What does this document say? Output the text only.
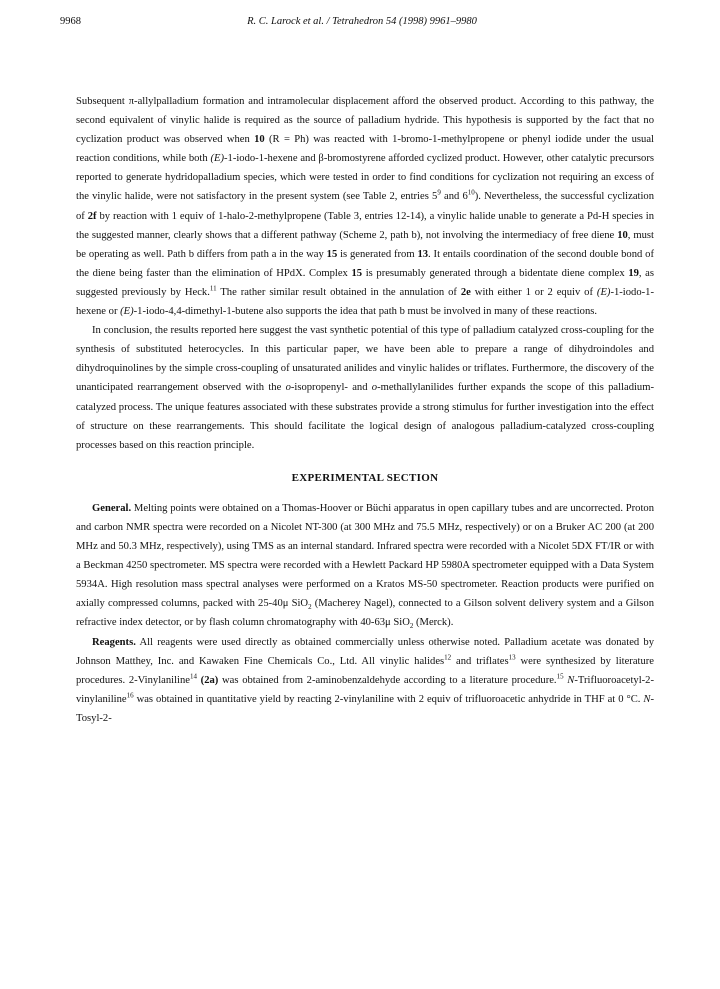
9968	R. C. Larock et al. / Tetrahedron 54 (1998) 9961–9980

Subsequent π-allylpalladium formation and intramolecular displacement afford the observed product. According to this pathway, the second equivalent of vinylic halide is required as the source of palladium hydride. This hypothesis is supported by the fact that no cyclization product was observed when 10 (R = Ph) was reacted with 1-bromo-1-methylpropene or phenyl iodide under the usual reaction conditions, while both (E)-1-iodo-1-hexene and β-bromostyrene afforded cyclized product. However, other catalytic precursors reported to generate hydridopalladium species, which were tested in order to find conditions for cyclization not requiring an excess of the vinylic halide, were not satisfactory in the present system (see Table 2, entries $5^9$ and $6^{10}$). Nevertheless, the successful cyclization of 2f by reaction with 1 equiv of 1-halo-2-methylpropene (Table 3, entries 12-14), a vinylic halide unable to generate a Pd-H species in the suggested manner, clearly shows that a different pathway (Scheme 2, path b), not involving the intermediacy of free diene 10, must be operating as well. Path b differs from path a in the way 15 is generated from 13. It entails coordination of the second double bond of the diene being faster than the elimination of HPdX. Complex 15 is presumably generated through a bidentate diene complex 19, as suggested previously by Heck.$^{11}$ The rather similar result obtained in the annulation of 2e with either 1 or 2 equiv of (E)-1-iodo-1-hexene or (E)-1-iodo-4,4-dimethyl-1-butene also supports the idea that path b must be involved in many of these reactions.

In conclusion, the results reported here suggest the vast synthetic potential of this type of palladium catalyzed cross-coupling for the synthesis of substituted heterocycles. In this particular paper, we have been able to prepare a range of dihydroindoles and dihydroquinolines by the simple cross-coupling of unsaturated anilides and vinylic halides or triflates. Furthermore, the discovery of the unanticipated rearrangement observed with the o-isopropenyl- and o-methallylanilides further expands the scope of this palladium-catalyzed process. The unique features associated with these substrates provide a strong stimulus for further investigation into the effect of structure on these rearrangements. This should facilitate the logical design of analogous palladium-catalyzed cross-coupling processes based on this reaction principle.

EXPERIMENTAL SECTION

General. Melting points were obtained on a Thomas-Hoover or Büchi apparatus in open capillary tubes and are uncorrected. Proton and carbon NMR spectra were recorded on a Nicolet NT-300 (at 300 MHz and 75.5 MHz, respectively) or on a Bruker AC 200 (at 200 MHz and 50.3 MHz, respectively), using TMS as an internal standard. Infrared spectra were recorded with a Nicolet 5DX FT/IR or with a Beckman 4250 spectrometer. MS spectra were recorded with a Hewlett Packard HP 5980A spectrometer equipped with a Data System 5934A. High resolution mass spectral analyses were performed on a Kratos MS-50 spectrometer. Reaction products were purified on axially compressed columns, packed with 25-40μ SiO$_2$ (Macherey Nagel), connected to a Gilson solvent delivery system and a Gilson refractive index detector, or by flash column chromatography with 40-63μ SiO$_2$ (Merck).

Reagents. All reagents were used directly as obtained commercially unless otherwise noted. Palladium acetate was donated by Johnson Matthey, Inc. and Kawaken Fine Chemicals Co., Ltd. All vinylic halides$^{12}$ and triflates$^{13}$ were synthesized by literature procedures. 2-Vinylaniline$^{14}$ (2a) was obtained from 2-aminobenzaldehyde according to a literature procedure.$^{15}$ N-Trifluoroacetyl-2-vinylaniline$^{16}$ was obtained in quantitative yield by reacting 2-vinylaniline with 2 equiv of trifluoroacetic anhydride in THF at 0 °C. N-Tosyl-2-
